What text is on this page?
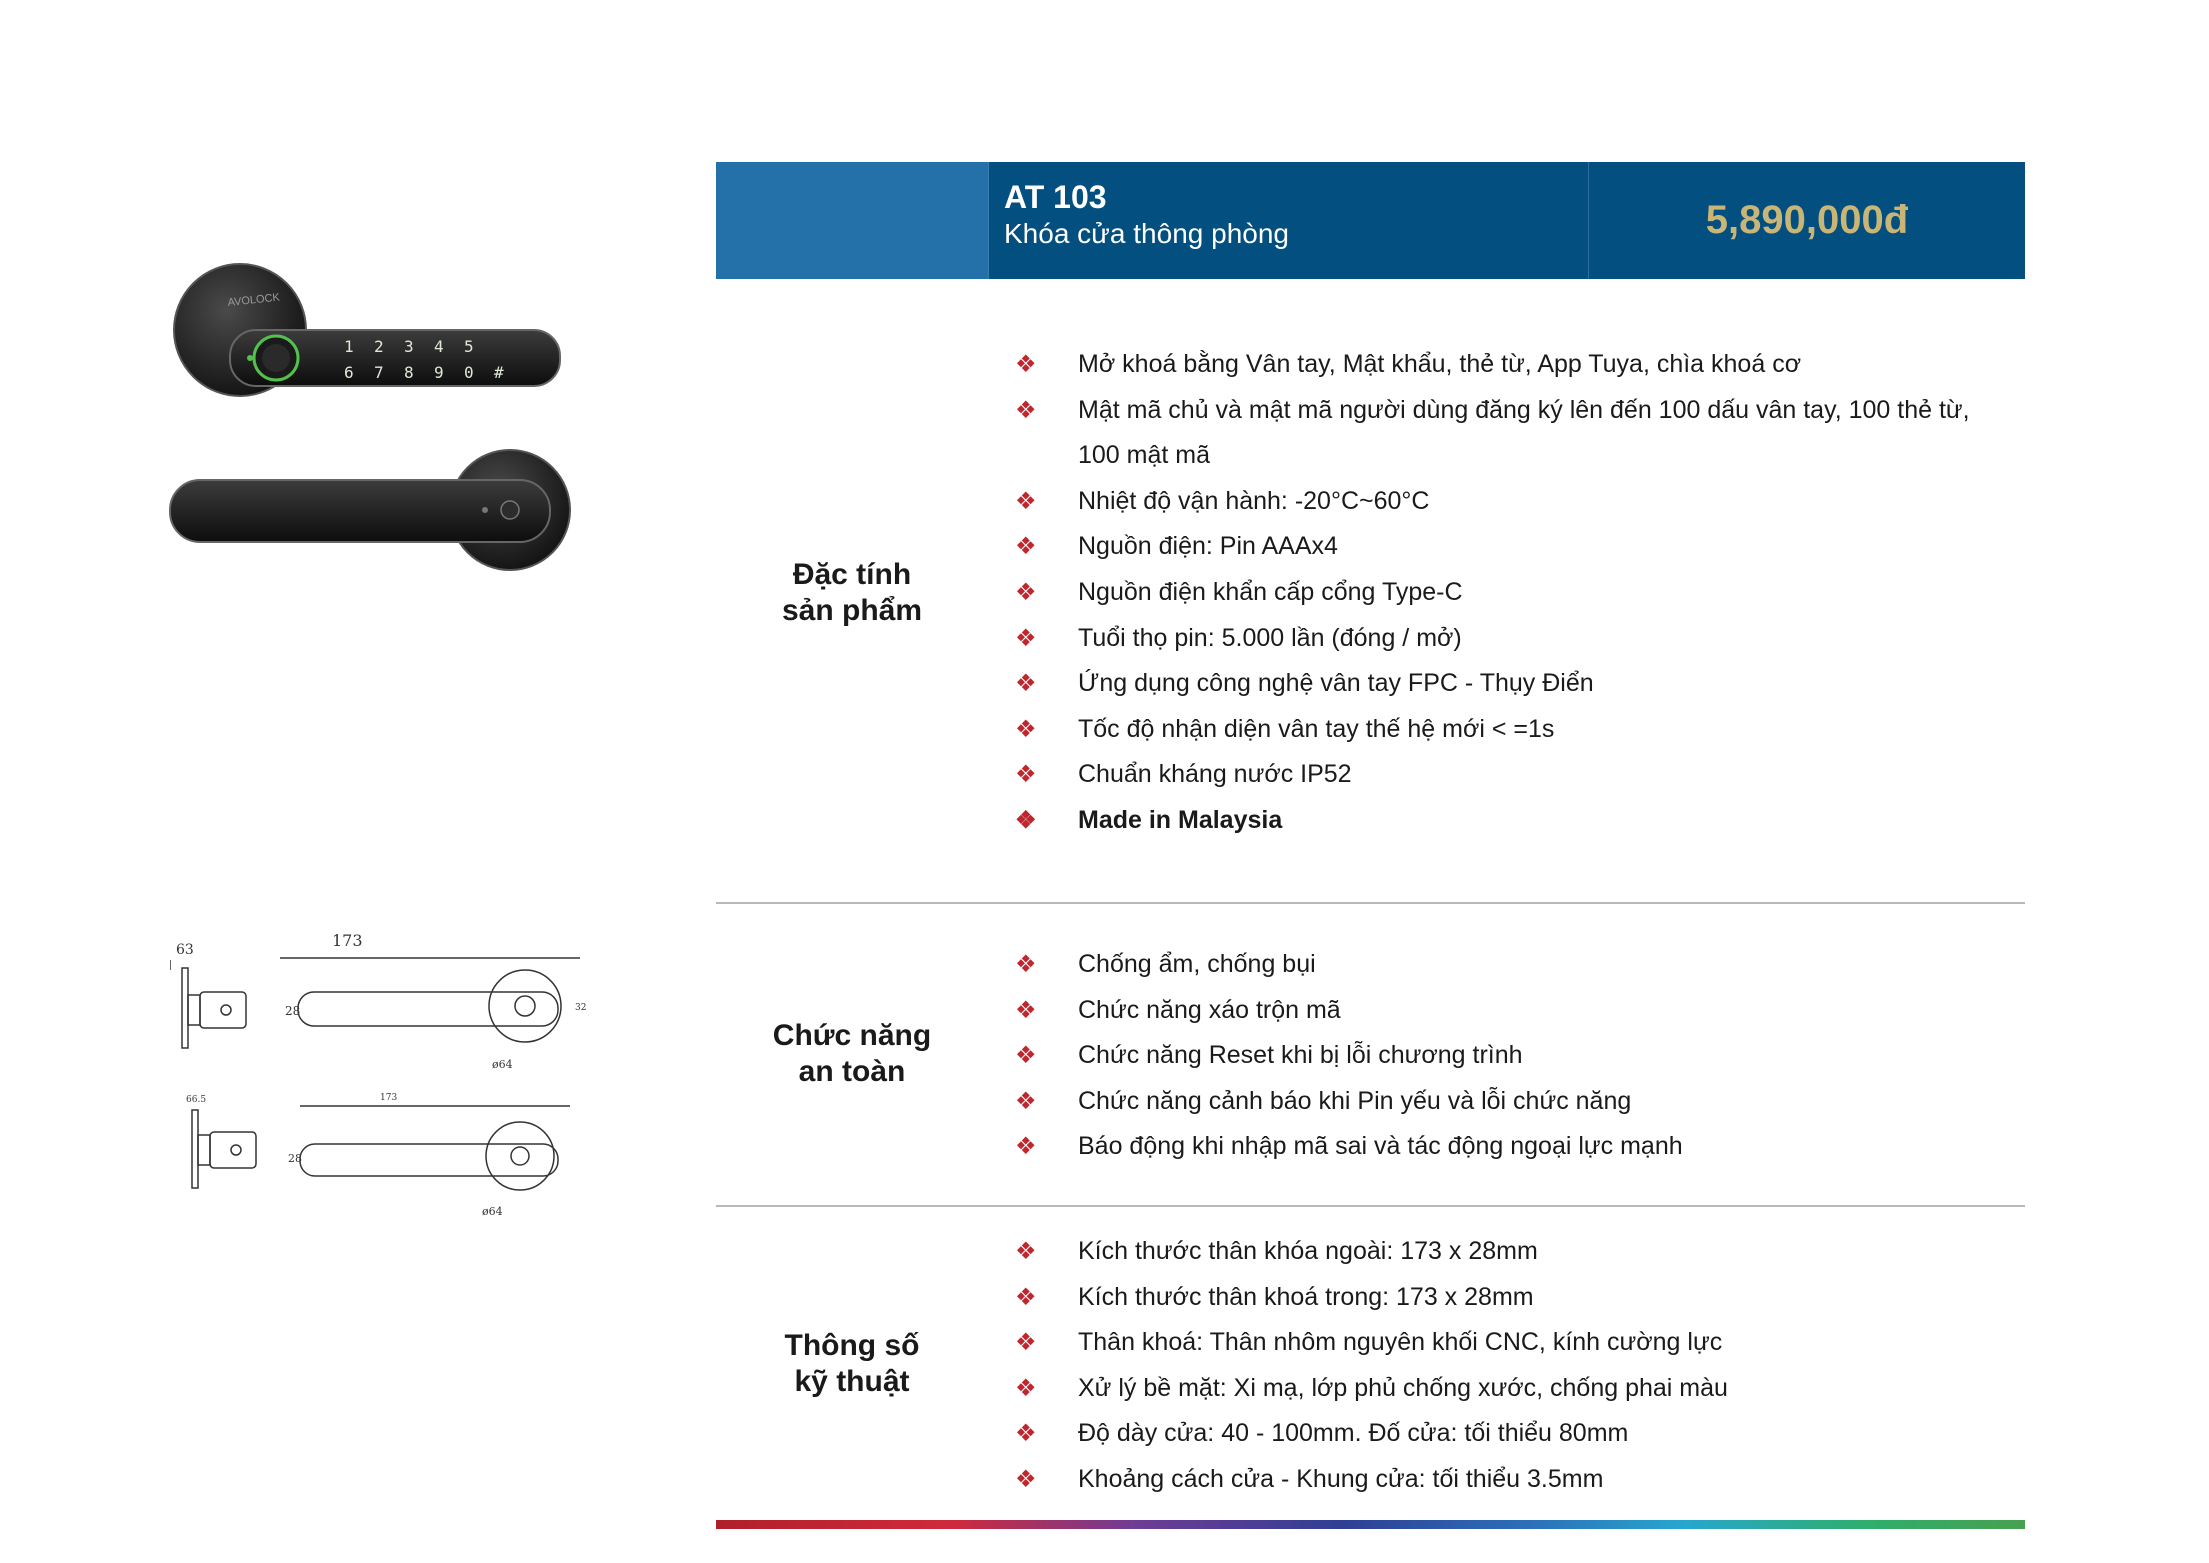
AT 103
Khóa cửa thông phòng	5,890,000đ
AVOLOCK
1
6
2
7
3
8
4
9
5
0 #
63	173
28	32
ø64
66.5	173
28
ø64
Đặc tính
sản phẩm
❖ Mở khoá bằng Vân tay, Mật khẩu, thẻ từ, App Tuya, chìa khoá cơ
❖ Mật mã chủ và mật mã người dùng đăng ký lên đến 100 dấu vân tay, 100 thẻ từ, 100 mật mã
❖ Nhiệt độ vận hành: -20°C~60°C
❖ Nguồn điện: Pin AAAx4
❖ Nguồn điện khẩn cấp cổng Type-C
❖ Tuổi thọ pin: 5.000 lần (đóng / mở)
❖ Ứng dụng công nghệ vân tay FPC - Thụy Điển
❖ Tốc độ nhận diện vân tay thế hệ mới < =1s
❖ Chuẩn kháng nước IP52
❖ Made in Malaysia
Chức năng
an toàn
❖ Chống ẩm, chống bụi
❖ Chức năng xáo trộn mã
❖ Chức năng Reset khi bị lỗi chương trình
❖ Chức năng cảnh báo khi Pin yếu và lỗi chức năng
❖ Báo động khi nhập mã sai và tác động ngoại lực mạnh
Thông số
kỹ thuật
❖ Kích thước thân khóa ngoài: 173 x 28mm
❖ Kích thước thân khoá trong: 173 x 28mm
❖ Thân khoá: Thân nhôm nguyên khối CNC, kính cường lực
❖ Xử lý bề mặt: Xi mạ, lớp phủ chống xước, chống phai màu
❖ Độ dày cửa: 40 - 100mm. Đố cửa: tối thiểu 80mm
❖ Khoảng cách cửa - Khung cửa: tối thiểu 3.5mm
